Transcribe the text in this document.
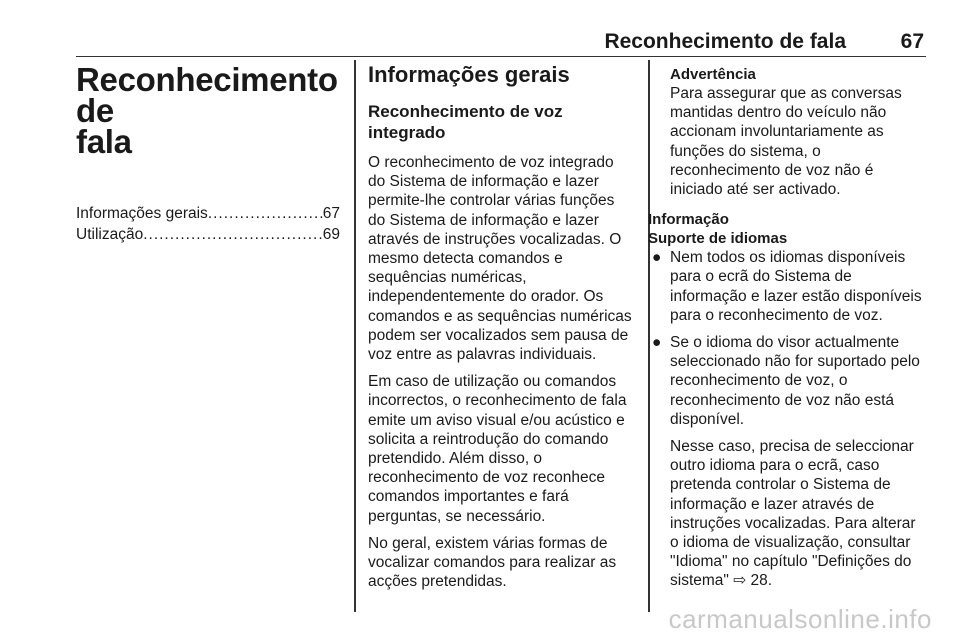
Reconhecimento de fala	67
Reconhecimento de
fala
Informações gerais .....	67
Utilização .....	69
Informações gerais
Reconhecimento de voz
integrado
O reconhecimento de voz integrado do Sistema de informação e lazer permite-lhe controlar várias funções do Sistema de informação e lazer através de instruções vocalizadas. O mesmo detecta comandos e sequências numéricas, independentemente do orador. Os comandos e as sequências numéricas podem ser vocalizados sem pausa de voz entre as palavras individuais.
Em caso de utilização ou comandos incorrectos, o reconhecimento de fala emite um aviso visual e/ou acústico e solicita a reintrodução do comando pretendido. Além disso, o reconhecimento de voz reconhece comandos importantes e fará perguntas, se necessário.
No geral, existem várias formas de vocalizar comandos para realizar as acções pretendidas.
Advertência
Para assegurar que as conversas mantidas dentro do veículo não accionam involuntariamente as funções do sistema, o reconhecimento de voz não é iniciado até ser activado.
Informação
Suporte de idiomas
● Nem todos os idiomas disponíveis para o ecrã do Sistema de informação e lazer estão disponíveis para o reconhecimento de voz.
● Se o idioma do visor actualmente seleccionado não for suportado pelo reconhecimento de voz, o reconhecimento de voz não está disponível.
Nesse caso, precisa de seleccionar outro idioma para o ecrã, caso pretenda controlar o Sistema de informação e lazer através de instruções vocalizadas. Para alterar o idioma de visualização, consultar "Idioma" no capítulo "Definições do sistema" ⇨ 28.
carmanualsonline.info
